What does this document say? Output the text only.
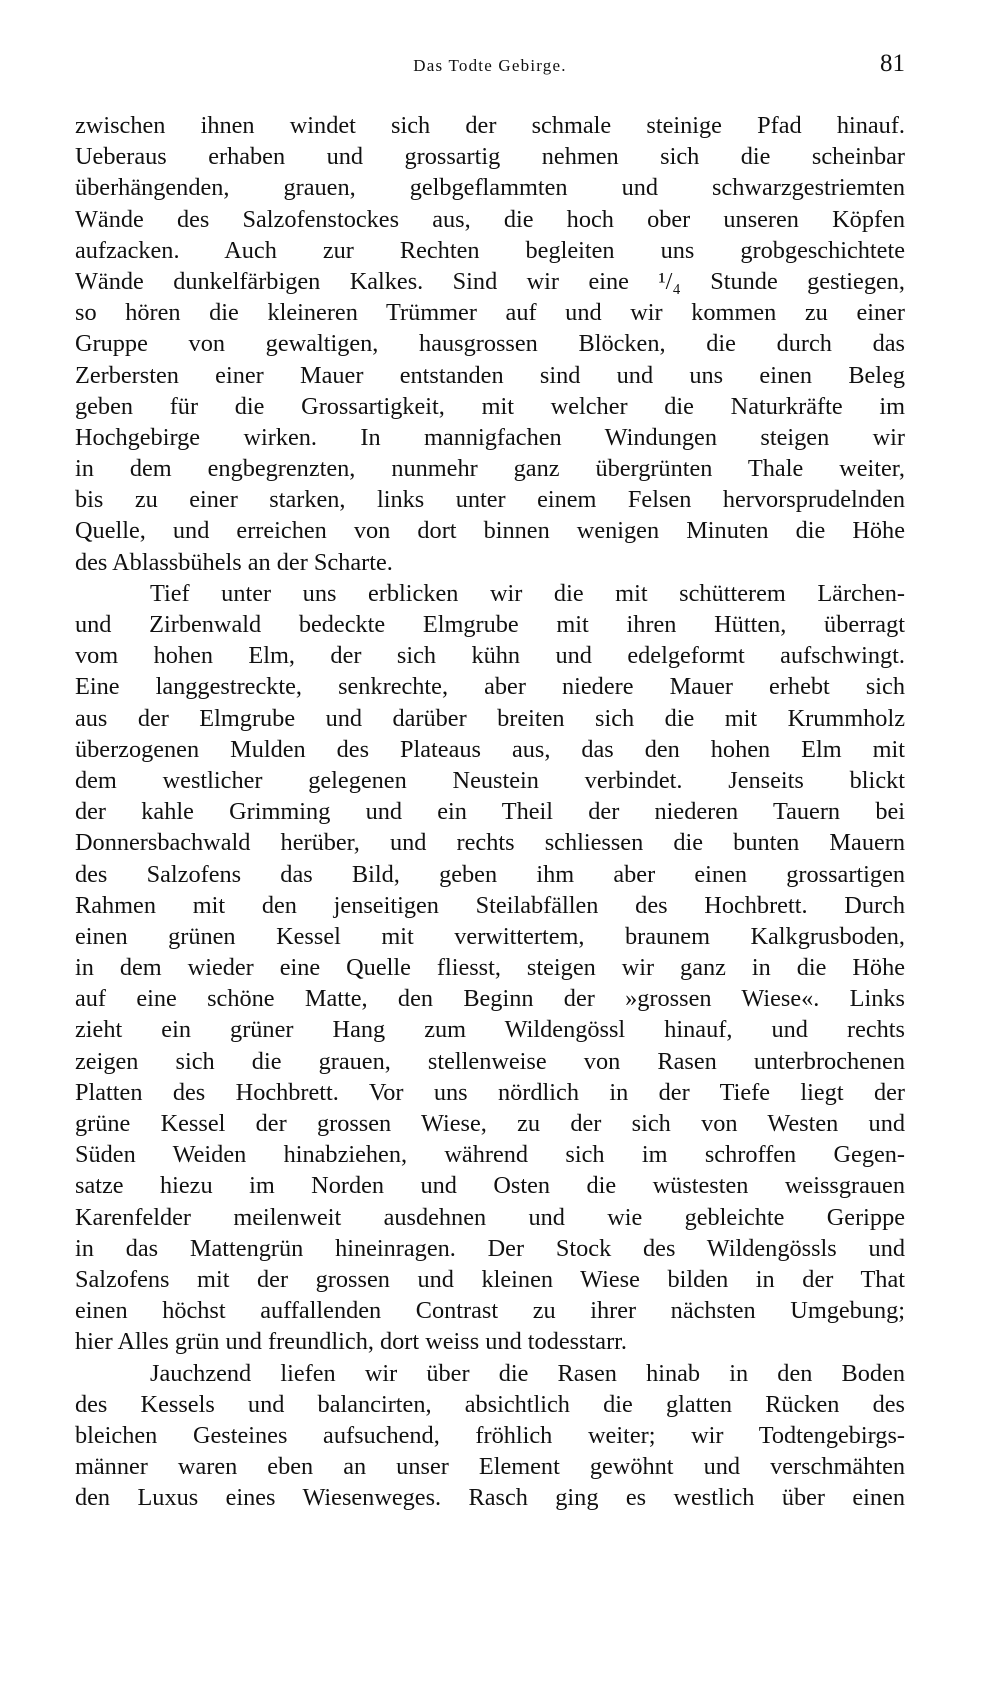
Das Todte Gebirge.	81
zwischen ihnen windet sich der schmale steinige Pfad hinauf.
Ueberaus erhaben und grossartig nehmen sich die scheinbar
überhängenden, grauen, gelbgeflammten und schwarzgestriemten
Wände des Salzofenstockes aus, die hoch ober unseren Köpfen
aufzacken. Auch zur Rechten begleiten uns grobgeschichtete
Wände dunkelfärbigen Kalkes. Sind wir eine ¹/₄ Stunde gestiegen,
so hören die kleineren Trümmer auf und wir kommen zu einer
Gruppe von gewaltigen, hausgrossen Blöcken, die durch das
Zerbersten einer Mauer entstanden sind und uns einen Beleg
geben für die Grossartigkeit, mit welcher die Naturkräfte im
Hochgebirge wirken. In mannigfachen Windungen steigen wir
in dem engbegrenzten, nunmehr ganz übergrünten Thale weiter,
bis zu einer starken, links unter einem Felsen hervorsprudelnden
Quelle, und erreichen von dort binnen wenigen Minuten die Höhe
des Ablassbühels an der Scharte.
Tief unter uns erblicken wir die mit schütterem Lärchen-
und Zirbenwald bedeckte Elmgrube mit ihren Hütten, überragt
vom hohen Elm, der sich kühn und edelgeformt aufschwingt.
Eine langgestreckte, senkrechte, aber niedere Mauer erhebt sich
aus der Elmgrube und darüber breiten sich die mit Krummholz
überzogenen Mulden des Plateaus aus, das den hohen Elm mit
dem westlicher gelegenen Neustein verbindet. Jenseits blickt
der kahle Grimming und ein Theil der niederen Tauern bei
Donnersbachwald herüber, und rechts schliessen die bunten Mauern
des Salzofens das Bild, geben ihm aber einen grossartigen
Rahmen mit den jenseitigen Steilabfällen des Hochbrett. Durch
einen grünen Kessel mit verwittertem, braunem Kalkgrusboden,
in dem wieder eine Quelle fliesst, steigen wir ganz in die Höhe
auf eine schöne Matte, den Beginn der »grossen Wiese«. Links
zieht ein grüner Hang zum Wildengössl hinauf, und rechts
zeigen sich die grauen, stellenweise von Rasen unterbrochenen
Platten des Hochbrett. Vor uns nördlich in der Tiefe liegt der
grüne Kessel der grossen Wiese, zu der sich von Westen und
Süden Weiden hinabziehen, während sich im schroffen Gegen-
satze hiezu im Norden und Osten die wüstesten weissgrauen
Karenfelder meilenweit ausdehnen und wie gebleichte Gerippe
in das Mattengrün hineinragen. Der Stock des Wildengössls und
Salzofens mit der grossen und kleinen Wiese bilden in der That
einen höchst auffallenden Contrast zu ihrer nächsten Umgebung;
hier Alles grün und freundlich, dort weiss und todesstarr.
Jauchzend liefen wir über die Rasen hinab in den Boden
des Kessels und balancirten, absichtlich die glatten Rücken des
bleichen Gesteines aufsuchend, fröhlich weiter; wir Todtengebirgs-
männer waren eben an unser Element gewöhnt und verschmähten
den Luxus eines Wiesenweges. Rasch ging es westlich über einen
